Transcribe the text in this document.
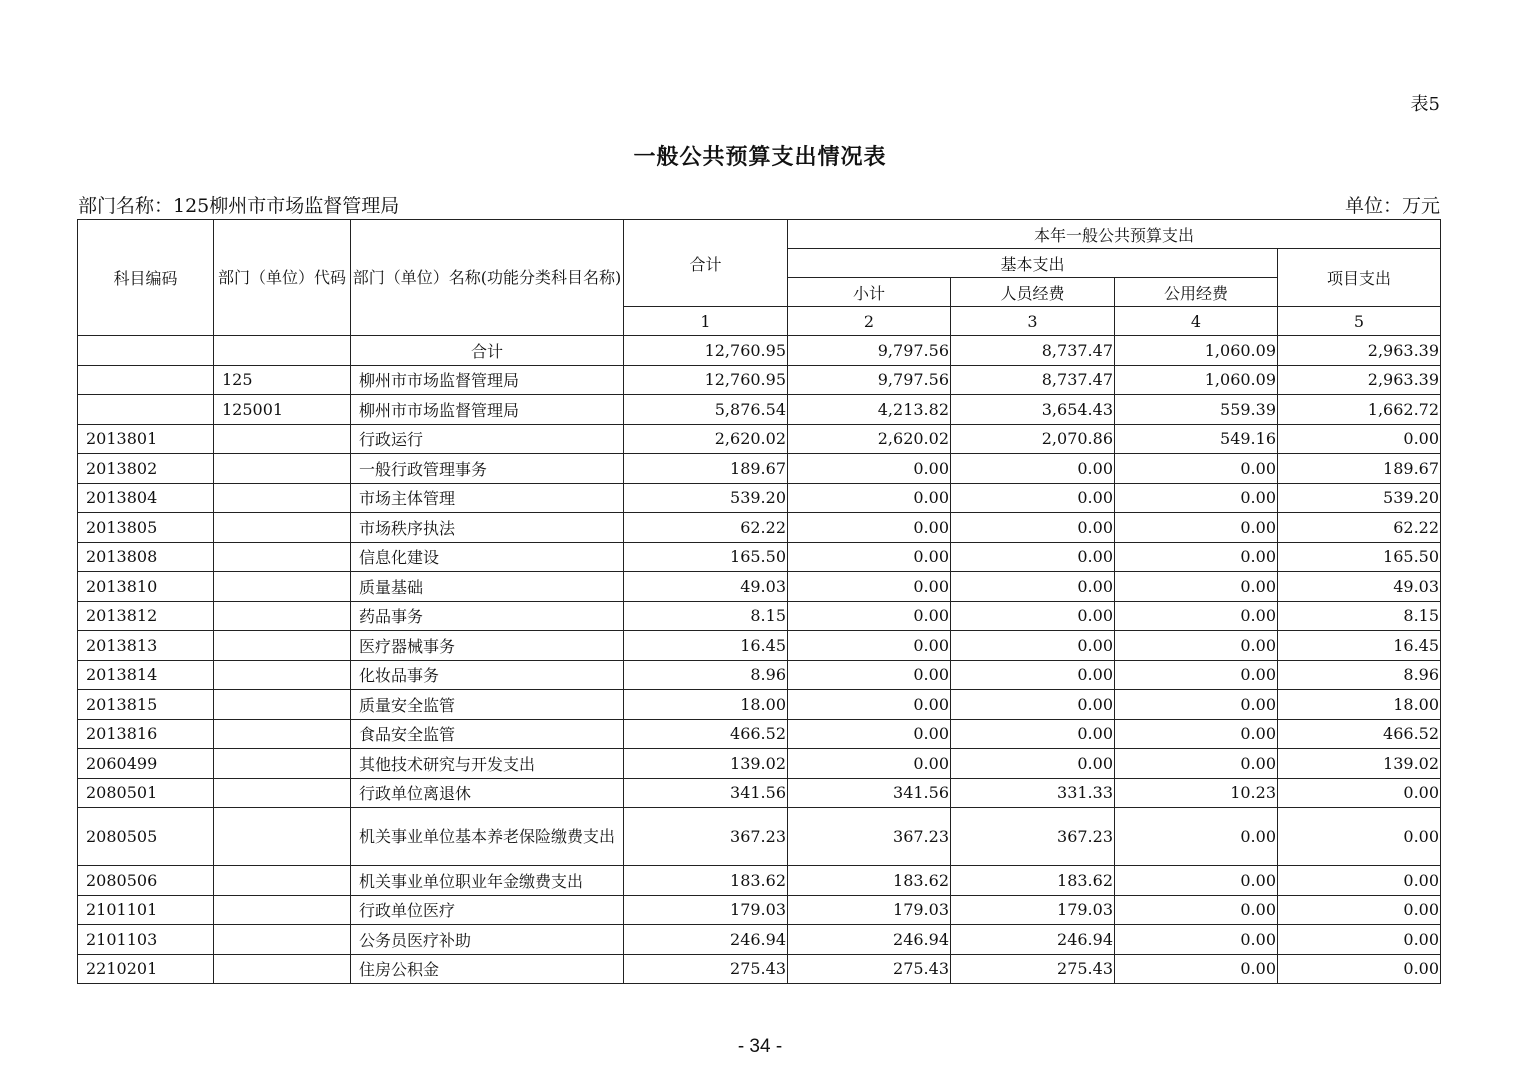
表5
一般公共预算支出情况表
部门名称：125柳州市市场监督管理局	单位：万元
科目编码	部门（单位）代码	部门（单位）名称(功能分类科目名称)	合计	本年一般公共预算支出			
				基本支出			项目支出
				小计	人员经费	公用经费	
			1	2	3	4	5
		合计	12,760.95	9,797.56	8,737.47	1,060.09	2,963.39
	125	柳州市市场监督管理局	12,760.95	9,797.56	8,737.47	1,060.09	2,963.39
	125001	柳州市市场监督管理局	5,876.54	4,213.82	3,654.43	559.39	1,662.72
2013801		行政运行	2,620.02	2,620.02	2,070.86	549.16	0.00
2013802		一般行政管理事务	189.67	0.00	0.00	0.00	189.67
2013804		市场主体管理	539.20	0.00	0.00	0.00	539.20
2013805		市场秩序执法	62.22	0.00	0.00	0.00	62.22
2013808		信息化建设	165.50	0.00	0.00	0.00	165.50
2013810		质量基础	49.03	0.00	0.00	0.00	49.03
2013812		药品事务	8.15	0.00	0.00	0.00	8.15
2013813		医疗器械事务	16.45	0.00	0.00	0.00	16.45
2013814		化妆品事务	8.96	0.00	0.00	0.00	8.96
2013815		质量安全监管	18.00	0.00	0.00	0.00	18.00
2013816		食品安全监管	466.52	0.00	0.00	0.00	466.52
2060499		其他技术研究与开发支出	139.02	0.00	0.00	0.00	139.02
2080501		行政单位离退休	341.56	341.56	331.33	10.23	0.00
2080505		机关事业单位基本养老保险缴费支出	367.23	367.23	367.23	0.00	0.00
2080506		机关事业单位职业年金缴费支出	183.62	183.62	183.62	0.00	0.00
2101101		行政单位医疗	179.03	179.03	179.03	0.00	0.00
2101103		公务员医疗补助	246.94	246.94	246.94	0.00	0.00
2210201		住房公积金	275.43	275.43	275.43	0.00	0.00
- 34 -
